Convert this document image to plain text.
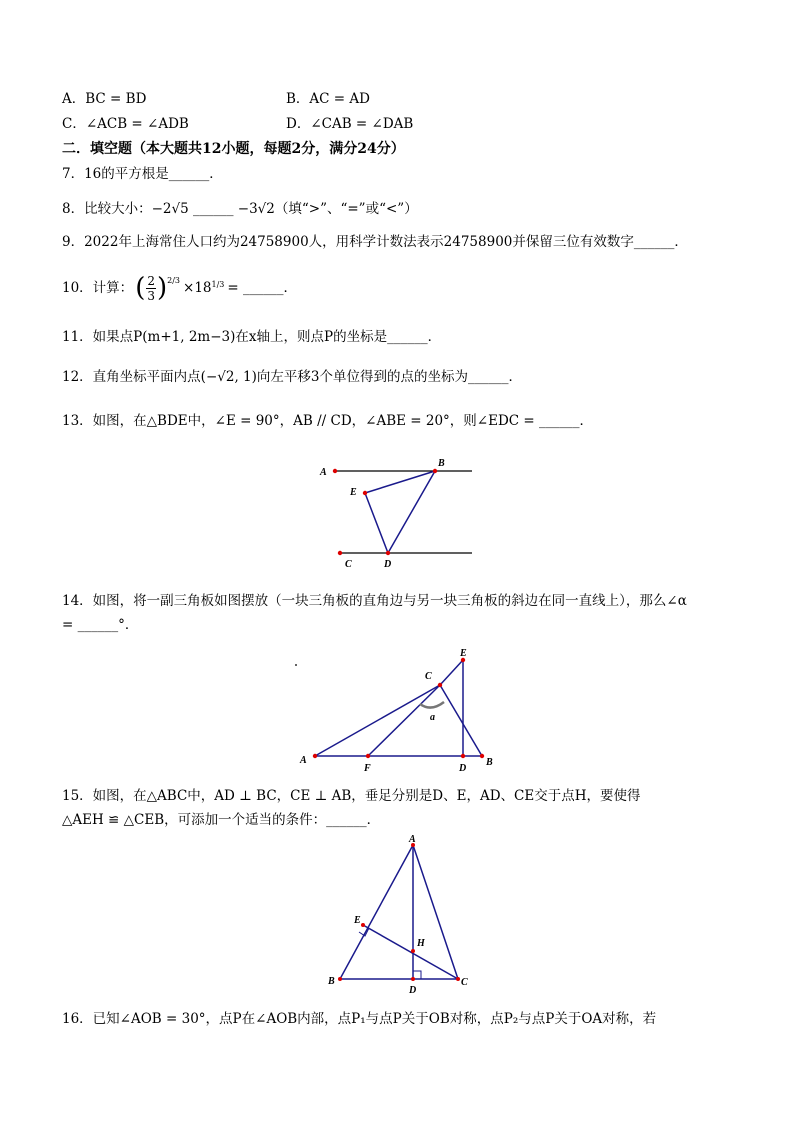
A．BC = BD	B．AC = AD
C．∠ACB = ∠ADB	D．∠CAB = ∠DAB
二．填空题（本大题共12小题，每题2分，满分24分）
7．16的平方根是______．
8．比较大小：−2√5 ______ −3√2（填“>”、“=”或“<”）
9．2022年上海常住人口约为24758900人，用科学计数法表示24758900并保留三位有效数字______．
10．计算： ( $\frac{2}{3}$ ) 2/3 ×18 1/3 = ______．
11．如果点P(m+1, 2m−3)在x轴上，则点P的坐标是______．
12．直角坐标平面内点(−√2, 1)向左平移3个单位得到的点的坐标为______．
13．如图，在△BDE中，∠E = 90°，AB // CD，∠ABE = 20°，则∠EDC = ______．
A
B
E
C	D
14．如图，将一副三角板如图摆放（一块三角板的直角边与另一块三角板的斜边在同一直线上），那么∠α
= ______°．
C
E
a
A
F	D
B
15．如图，在△ABC中，AD ⊥ BC，CE ⊥ AB，垂足分别是D、E，AD、CE交于点H，要使得
△AEH ≌ △CEB，可添加一个适当的条件：______．
A
E
H
B
D
C
16．已知∠AOB = 30°，点P在∠AOB内部，点P₁与点P关于OB对称，点P₂与点P关于OA对称，若
